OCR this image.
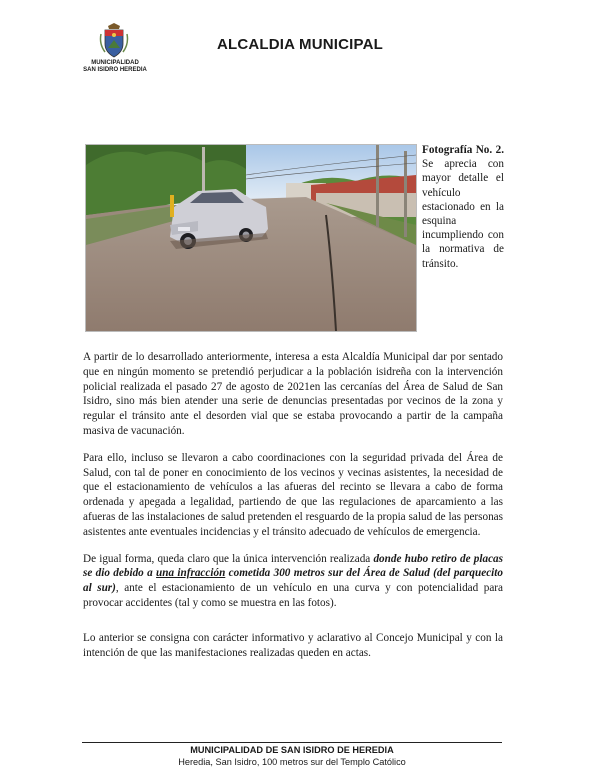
MUNICIPALIDAD
SAN ISIDRO HEREDIA
ALCALDIA MUNICIPAL
Fotografía No. 2. Se aprecia con mayor detalle el vehículo estacionado en la esquina incumpliendo con la normativa de tránsito.

A partir de lo desarrollado anteriormente, interesa a esta Alcaldía Municipal dar por sentado que en ningún momento se pretendió perjudicar a la población isidreña con la intervención policial realizada el pasado 27 de agosto de 2021en las cercanías del Área de Salud de San Isidro, sino más bien atender una serie de denuncias presentadas por vecinos de la zona y regular el tránsito ante el desorden vial que se estaba provocando a partir de la campaña masiva de vacunación.

Para ello, incluso se llevaron a cabo coordinaciones con la seguridad privada del Área de Salud, con tal de poner en conocimiento de los vecinos y vecinas asistentes, la necesidad de que el estacionamiento de vehículos a las afueras del recinto se llevara a cabo de forma ordenada y apegada a legalidad, partiendo de que las regulaciones de aparcamiento a las afueras de las instalaciones de salud pretenden el resguardo de la propia salud de las personas asistentes ante eventuales incidencias y el tránsito adecuado de vehículos de emergencia.

De igual forma, queda claro que la única intervención realizada donde hubo retiro de placas se dio debido a una infracción cometida 300 metros sur del Área de Salud (del parquecito al sur), ante el estacionamiento de un vehículo en una curva y con potencialidad para provocar accidentes (tal y como se muestra en las fotos).

Lo anterior se consigna con carácter informativo y aclarativo al Concejo Municipal y con la intención de que las manifestaciones realizadas queden en actas.

MUNICIPALIDAD DE SAN ISIDRO DE HEREDIA
Heredia, San Isidro, 100 metros sur del Templo Católico
